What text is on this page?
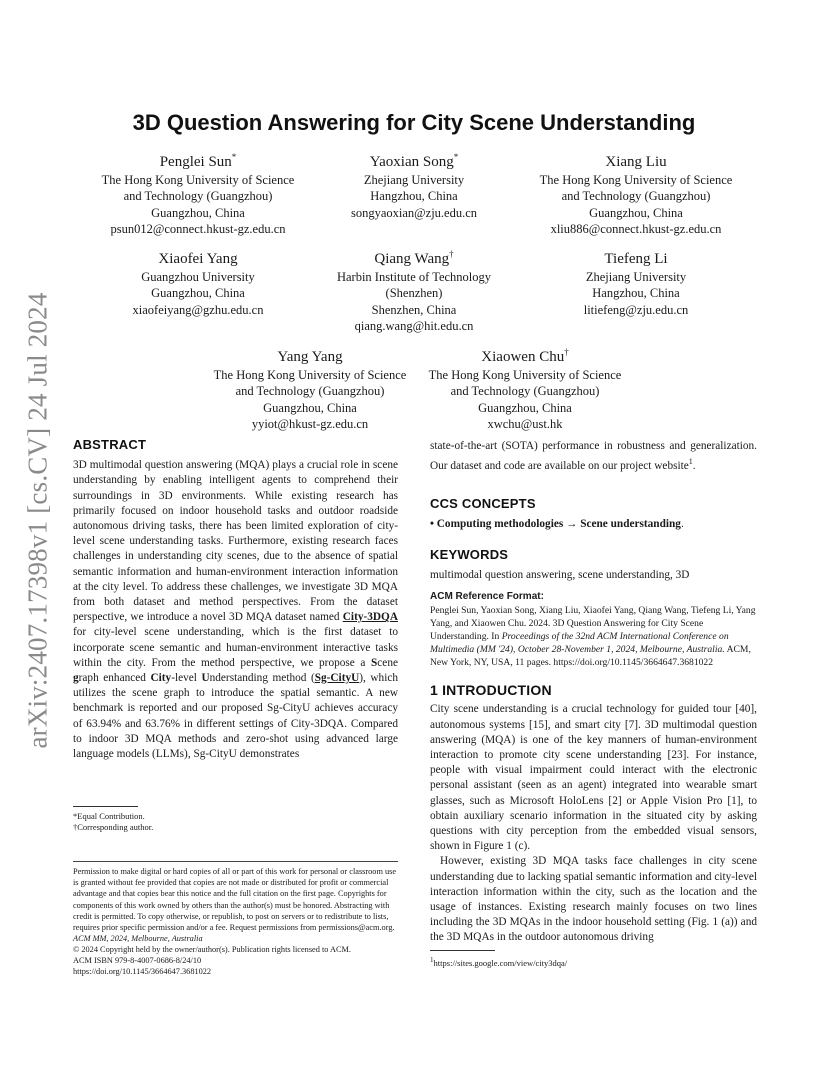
arXiv:2407.17398v1 [cs.CV] 24 Jul 2024
3D Question Answering for City Scene Understanding
Penglei Sun*
The Hong Kong University of Science
and Technology (Guangzhou)
Guangzhou, China
psun012@connect.hkust-gz.edu.cn
Yaoxian Song*
Zhejiang University
Hangzhou, China
songyaoxian@zju.edu.cn
Xiang Liu
The Hong Kong University of Science
and Technology (Guangzhou)
Guangzhou, China
xliu886@connect.hkust-gz.edu.cn
Xiaofei Yang
Guangzhou University
Guangzhou, China
xiaofeiyang@gzhu.edu.cn
Qiang Wang†
Harbin Institute of Technology
(Shenzhen)
Shenzhen, China
qiang.wang@hit.edu.cn
Tiefeng Li
Zhejiang University
Hangzhou, China
litiefeng@zju.edu.cn
Yang Yang
The Hong Kong University of Science
and Technology (Guangzhou)
Guangzhou, China
yyiot@hkust-gz.edu.cn
Xiaowen Chu†
The Hong Kong University of Science
and Technology (Guangzhou)
Guangzhou, China
xwchu@ust.hk
ABSTRACT

3D multimodal question answering (MQA) plays a crucial role in scene understanding by enabling intelligent agents to comprehend their surroundings in 3D environments. While existing research has primarily focused on indoor household tasks and outdoor roadside autonomous driving tasks, there has been limited exploration of city-level scene understanding tasks. Furthermore, existing research faces challenges in understanding city scenes, due to the absence of spatial semantic information and human-environment interaction information at the city level. To address these challenges, we investigate 3D MQA from both dataset and method perspectives. From the dataset perspective, we introduce a novel 3D MQA dataset named City-3DQA for city-level scene understanding, which is the first dataset to incorporate scene semantic and human-environment interactive tasks within the city. From the method perspective, we propose a Scene graph enhanced City-level Understanding method (Sg-CityU), which utilizes the scene graph to introduce the spatial semantic. A new benchmark is reported and our proposed Sg-CityU achieves accuracy of 63.94% and 63.76% in different settings of City-3DQA. Compared to indoor 3D MQA methods and zero-shot using advanced large language models (LLMs), Sg-CityU demonstrates

*Equal Contribution.

†Corresponding author.

Permission to make digital or hard copies of all or part of this work for personal or classroom use is granted without fee provided that copies are not made or distributed for profit or commercial advantage and that copies bear this notice and the full citation on the first page. Copyrights for components of this work owned by others than the author(s) must be honored. Abstracting with credit is permitted. To copy otherwise, or republish, to post on servers or to redistribute to lists, requires prior specific permission and/or a fee. Request permissions from permissions@acm.org.

ACM MM, 2024, Melbourne, Australia

© 2024 Copyright held by the owner/author(s). Publication rights licensed to ACM.

ACM ISBN 979-8-4007-0686-8/24/10

https://doi.org/10.1145/3664647.3681022

state-of-the-art (SOTA) performance in robustness and generalization. Our dataset and code are available on our project website$^1$.

CCS CONCEPTS

• Computing methodologies → Scene understanding.

KEYWORDS

multimodal question answering, scene understanding, 3D

ACM Reference Format:

Penglei Sun, Yaoxian Song, Xiang Liu, Xiaofei Yang, Qiang Wang, Tiefeng Li, Yang Yang, and Xiaowen Chu. 2024. 3D Question Answering for City Scene Understanding. In Proceedings of the 32nd ACM International Conference on Multimedia (MM '24), October 28-November 1, 2024, Melbourne, Australia. ACM, New York, NY, USA, 11 pages. https://doi.org/10.1145/3664647.3681022

1 INTRODUCTION

City scene understanding is a crucial technology for guided tour [40], autonomous systems [15], and smart city [7]. 3D multimodal question answering (MQA) is one of the key manners of human-environment interaction to promote city scene understanding [23]. For instance, people with visual impairment could interact with the electronic personal assistant (seen as an agent) integrated into wearable smart glasses, such as Microsoft HoloLens [2] or Apple Vision Pro [1], to obtain auxiliary scenario information in the situated city by asking questions with city perception from the embedded visual sensors, shown in Figure 1 (c).

However, existing 3D MQA tasks face challenges in city scene understanding due to lacking spatial semantic information and city-level interaction information within the city, such as the location and the usage of instances. Existing research mainly focuses on two lines including the 3D MQAs in the indoor household setting (Fig. 1 (a)) and the 3D MQAs in the outdoor autonomous driving

$^1$https://sites.google.com/view/city3dqa/
